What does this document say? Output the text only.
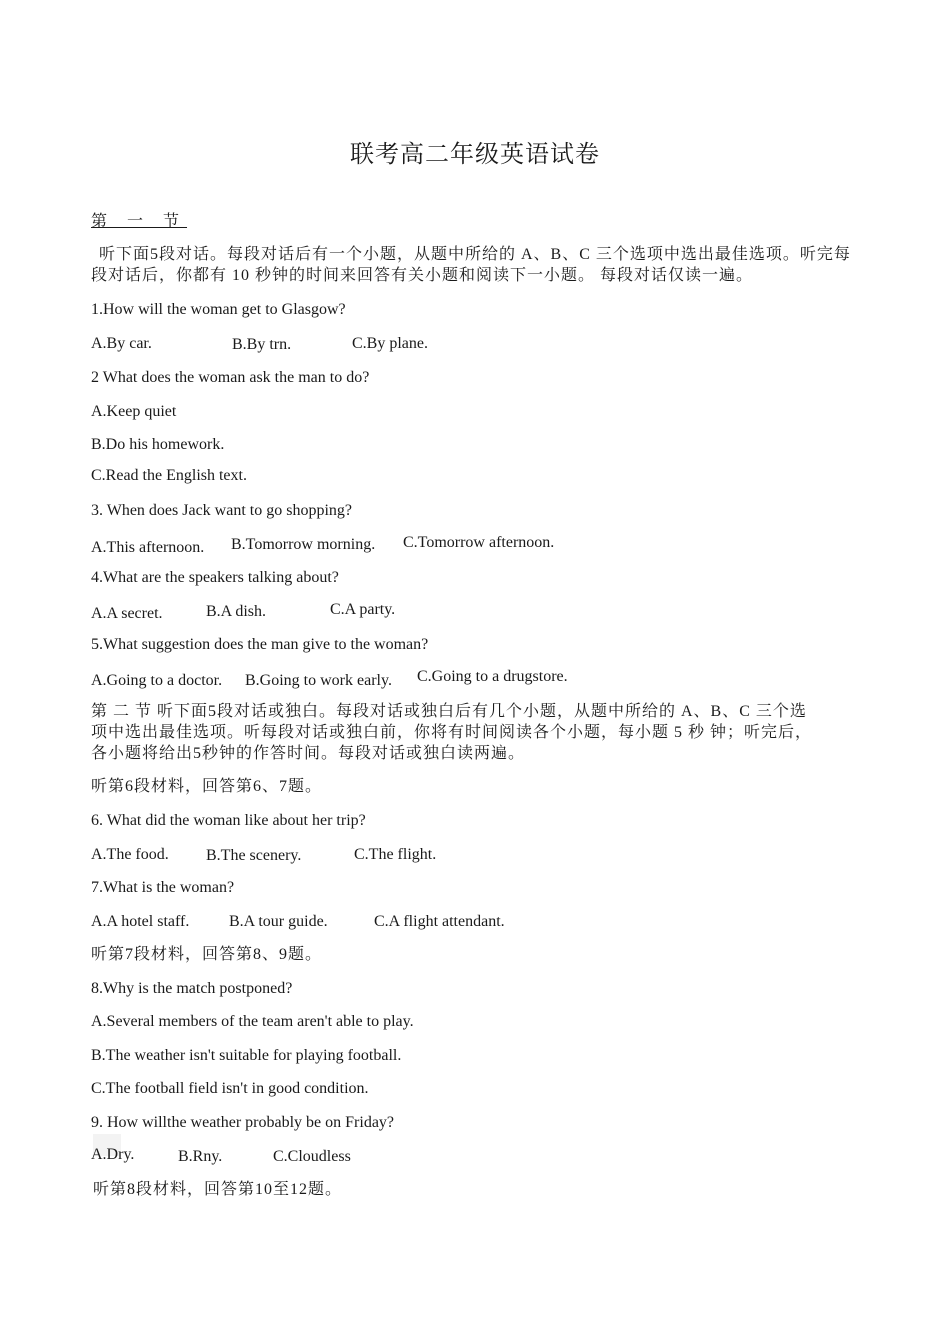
联考高二年级英语试卷
第 一 节
听下面5段对话。每段对话后有一个小题，从题中所给的 A、B、C 三个选项中选出最佳选项。听完每
段对话后，你都有 10 秒钟的时间来回答有关小题和阅读下一小题。 每段对话仅读一遍。
1.How will the woman get to Glasgow?
A.By car.	B.By trn.	C.By plane.
2 What does the woman ask the man to do?
A.Keep quiet
B.Do his homework.
C.Read the English text.
3. When does Jack want to go shopping?
A.This afternoon. B.Tomorrow morning. C.Tomorrow afternoon.
4.What are the speakers talking about?
A.A secret.	B.A dish.	C.A party.
5.What suggestion does the man give to the woman?
A.Going to a doctor. B.Going to work early. C.Going to a drugstore.
第 二 节 听下面5段对话或独白。每段对话或独白后有几个小题，从题中所给的 A、B、C 三个选
项中选出最佳选项。听每段对话或独白前，你将有时间阅读各个小题，每小题 5 秒 钟；听完后，
各小题将给出5秒钟的作答时间。每段对话或独白读两遍。
听第6段材料，回答第6、7题。
6. What did the woman like about her trip?
A.The food. B.The scenery.	C.The flight.
7.What is the woman?
A.A hotel staff. B.A tour guide.	C.A flight attendant.
听第7段材料，回答第8、9题。
8.Why is the match postponed?
A.Several members of the team aren't able to play.
B.The weather isn't suitable for playing football.
C.The football field isn't in good condition.
9. How willthe weather probably be on Friday?
A.Dry.	B.Rny.	C.Cloudless
听第8段材料，回答第10至12题。
